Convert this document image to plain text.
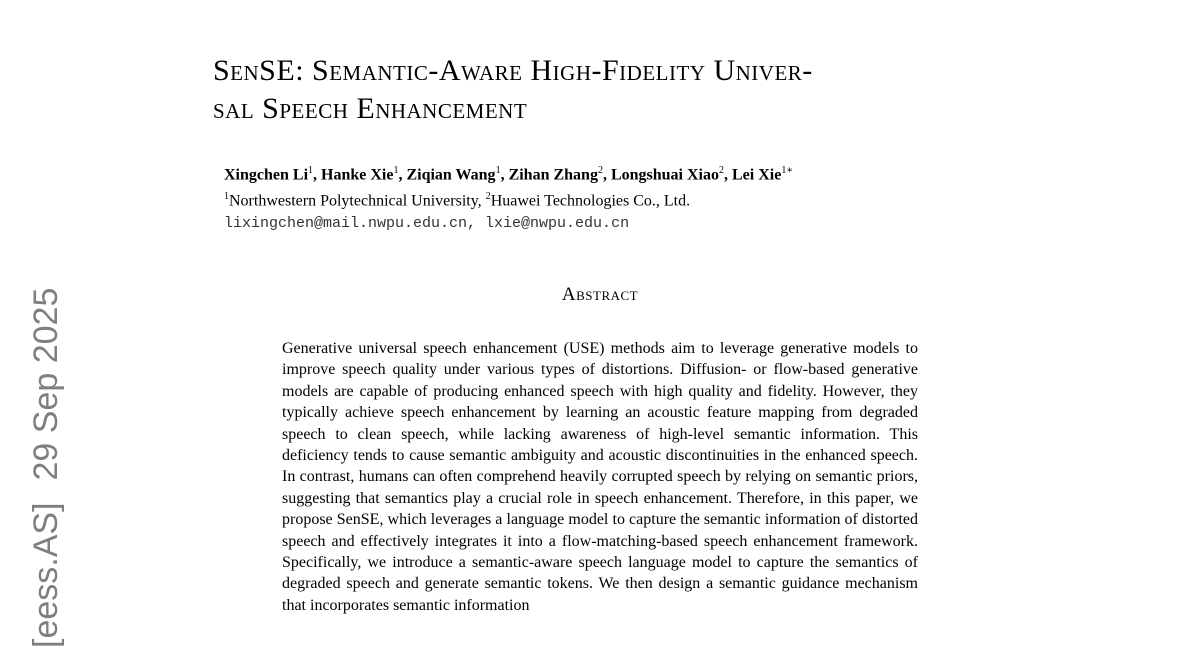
[eess.AS]29 Sep 2025
SenSE: Semantic-Aware High-Fidelity Univer-
sal Speech Enhancement
Xingchen Li$^1$, Hanke Xie$^1$, Ziqian Wang$^1$, Zihan Zhang$^2$, Longshuai Xiao$^2$, Lei Xie$^{1∗}$
$^1$Northwestern Polytechnical University, $^2$Huawei Technologies Co., Ltd.
lixingchen@mail.nwpu.edu.cn, lxie@nwpu.edu.cn
Abstract
Generative universal speech enhancement (USE) methods aim to leverage generative models to improve speech quality under various types of distortions. Diffusion- or flow-based generative models are capable of producing enhanced speech with high quality and fidelity. However, they typically achieve speech enhancement by learning an acoustic feature mapping from degraded speech to clean speech, while lacking awareness of high-level semantic information. This deficiency tends to cause semantic ambiguity and acoustic discontinuities in the enhanced speech. In contrast, humans can often comprehend heavily corrupted speech by relying on semantic priors, suggesting that semantics play a crucial role in speech enhancement. Therefore, in this paper, we propose SenSE, which leverages a language model to capture the semantic information of distorted speech and effectively integrates it into a flow-matching-based speech enhancement framework. Specifically, we introduce a semantic-aware speech language model to capture the semantics of degraded speech and generate semantic tokens. We then design a semantic guidance mechanism that incorporates semantic information
